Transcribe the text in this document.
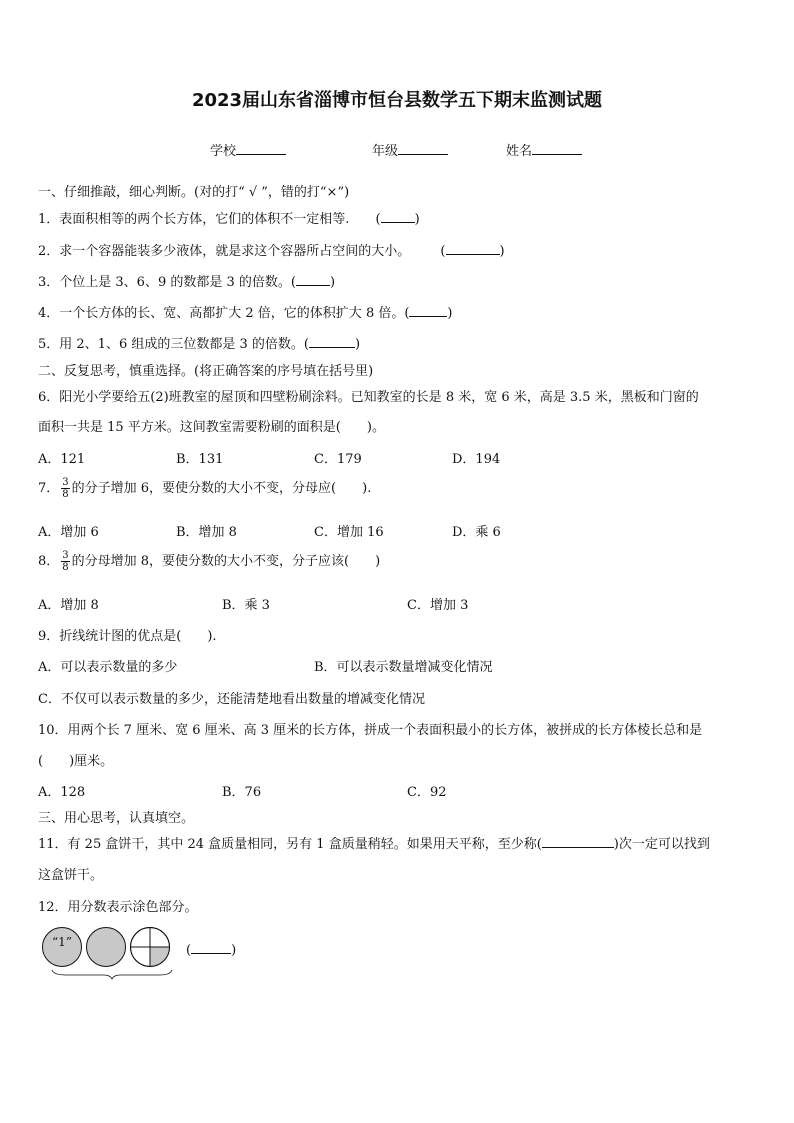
2023届山东省淄博市恒台县数学五下期末监测试题
学校	年级	姓名
一、仔细推敲，细心判断。(对的打“ √ ”，错的打“×”)
1．表面积相等的两个长方体，它们的体积不一定相等. (	)
2．求一个容器能装多少液体，就是求这个容器所占空间的大小。 (	)
3．个位上是 3、6、9 的数都是 3 的倍数。(	)
4．一个长方体的长、宽、高都扩大 2 倍，它的体积扩大 8 倍。(	)
5．用 2、1、6 组成的三位数都是 3 的倍数。(	)
二、反复思考，慎重选择。(将正确答案的序号填在括号里)
6．阳光小学要给五(2)班教室的屋顶和四壁粉刷涂料。已知教室的长是 8 米，宽 6 米，高是 3.5 米，黑板和门窗的
面积一共是 15 平方米。这间教室需要粉刷的面积是(　　)。
A．121	B．131	C．179	D．194
7． $\frac{3}{8}$ 的分子增加 6，要使分数的大小不变，分母应(　　).
A．增加 6	B．增加 8	C．增加 16	D．乘 6
8． $\frac{3}{8}$ 的分母增加 8，要使分数的大小不变，分子应该(　　)
A．增加 8	B．乘 3	C．增加 3
9．折线统计图的优点是(　　).
A．可以表示数量的多少	B．可以表示数量增减变化情况
C．不仅可以表示数量的多少，还能清楚地看出数量的增减变化情况
10．用两个长 7 厘米、宽 6 厘米、高 3 厘米的长方体，拼成一个表面积最小的长方体，被拼成的长方体棱长总和是
(　　)厘米。
A．128	B．76	C．92
三、用心思考，认真填空。
11．有 25 盒饼干，其中 24 盒质量相同，另有 1 盒质量稍轻。如果用天平称，至少称(	)次一定可以找到
这盒饼干。
12．用分数表示涂色部分。
“1”
(	)
